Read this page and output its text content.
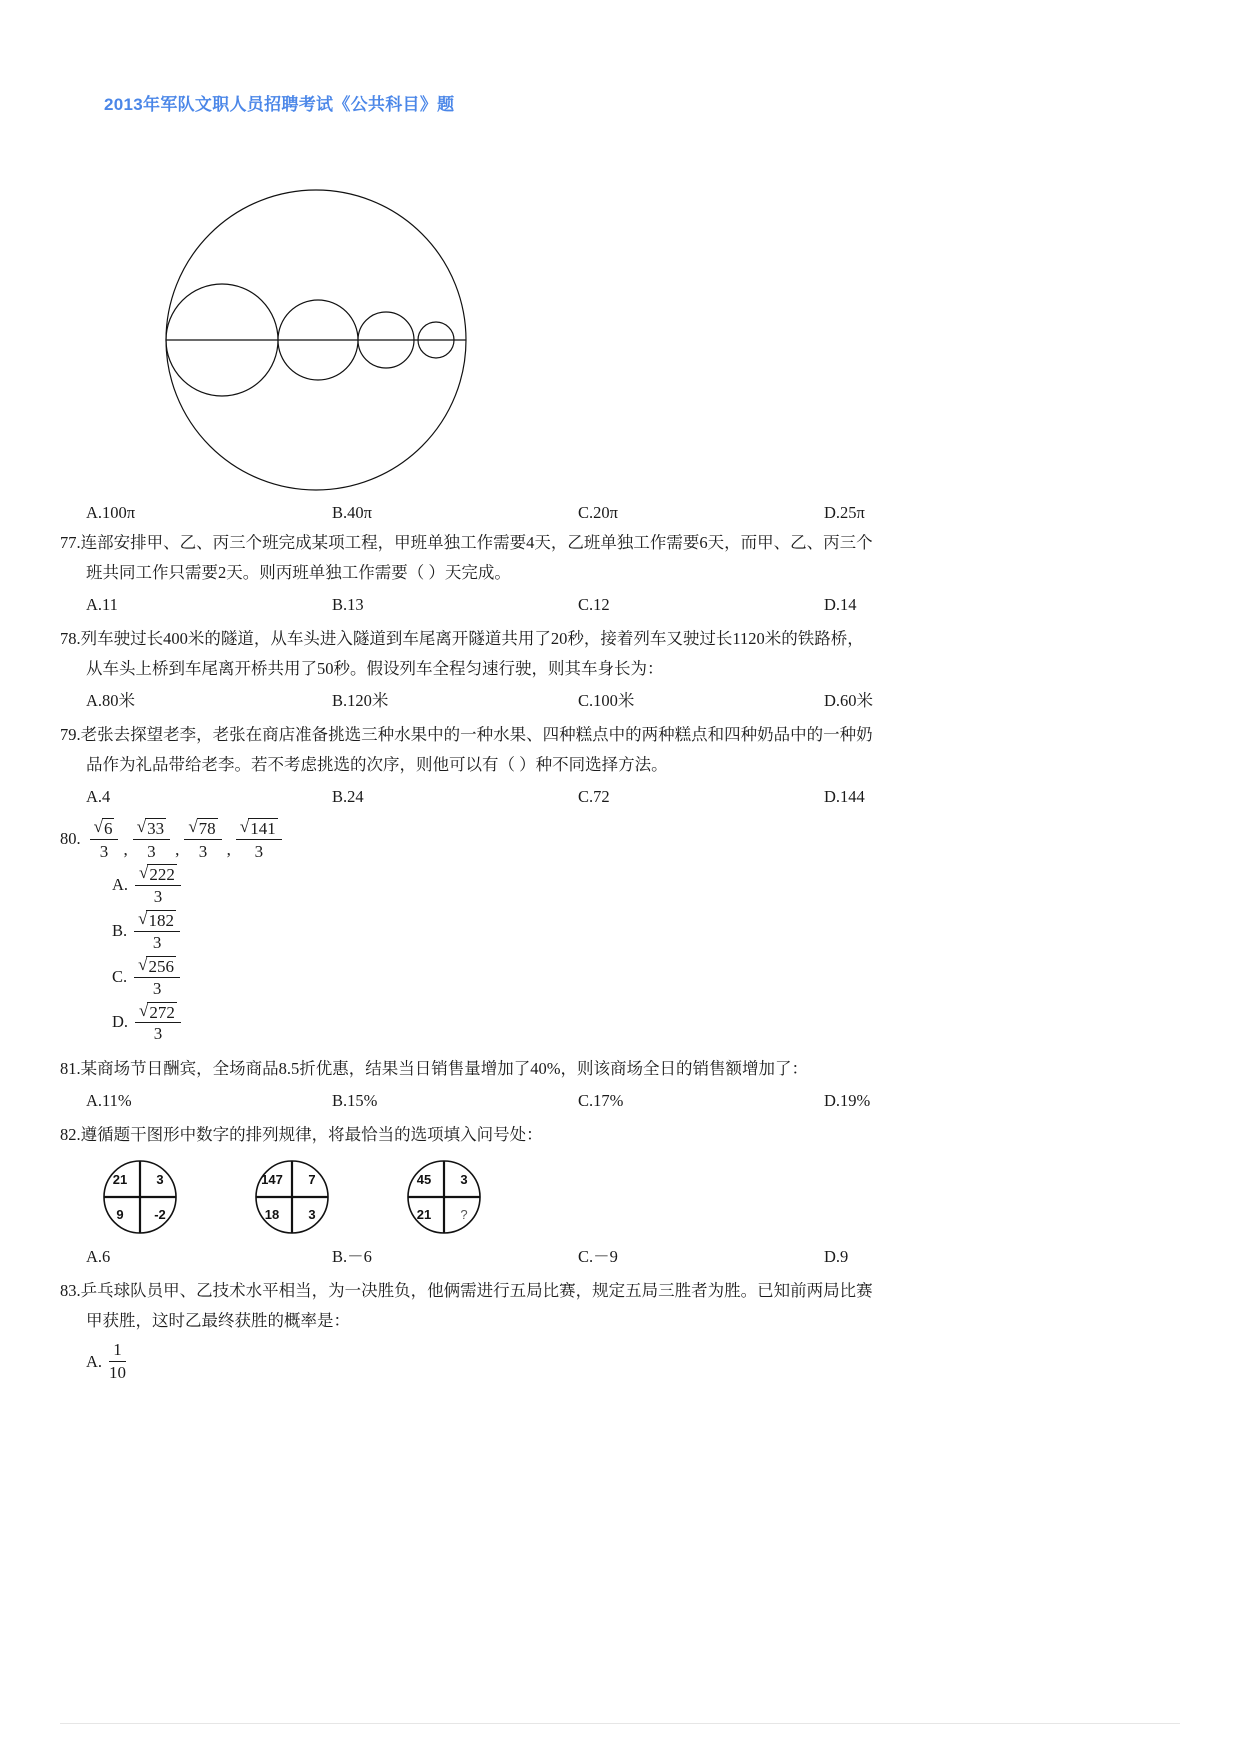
2013年军队文职人员招聘考试《公共科目》题
A.100π	B.40π	C.20π	D.25π
77.连部安排甲、乙、丙三个班完成某项工程，甲班单独工作需要4天，乙班单独工作需要6天，而甲、乙、丙三个
班共同工作只需要2天。则丙班单独工作需要（ ）天完成。
A.11	B.13	C.12	D.14
78.列车驶过长400米的隧道，从车头进入隧道到车尾离开隧道共用了20秒，接着列车又驶过长1120米的铁路桥，
从车头上桥到车尾离开桥共用了50秒。假设列车全程匀速行驶，则其车身长为：
A.80米	B.120米	C.100米	D.60米
79.老张去探望老李，老张在商店准备挑选三种水果中的一种水果、四种糕点中的两种糕点和四种奶品中的一种奶
品作为礼品带给老李。若不考虑挑选的次序，则他可以有（ ）种不同选择方法。
A.4	B.24	C.72	D.144
80. $\frac{√ 6}{3}$ , $\frac{√ 33}{3}$ , $\frac{√ 78}{3}$ , $\frac{√ 141}{3}$
A. $\frac{√ 222}{3}$
B. $\frac{√ 182}{3}$
C. $\frac{√ 256}{3}$
D. $\frac{√ 272}{3}$
81.某商场节日酬宾，全场商品8.5折优惠，结果当日销售量增加了40%，则该商场全日的销售额增加了：
A.11%	B.15%	C.17%	D.19%
82.遵循题干图形中数字的排列规律，将最恰当的选项填入问号处：
21 3
9 -2
147 7
18 3
45 3
21 ?
A.6	B.－6	C.－9	D.9
83.乒乓球队员甲、乙技术水平相当，为一决胜负，他俩需进行五局比赛，规定五局三胜者为胜。已知前两局比赛
甲获胜，这时乙最终获胜的概率是：
A. $\frac{1}{10}$
